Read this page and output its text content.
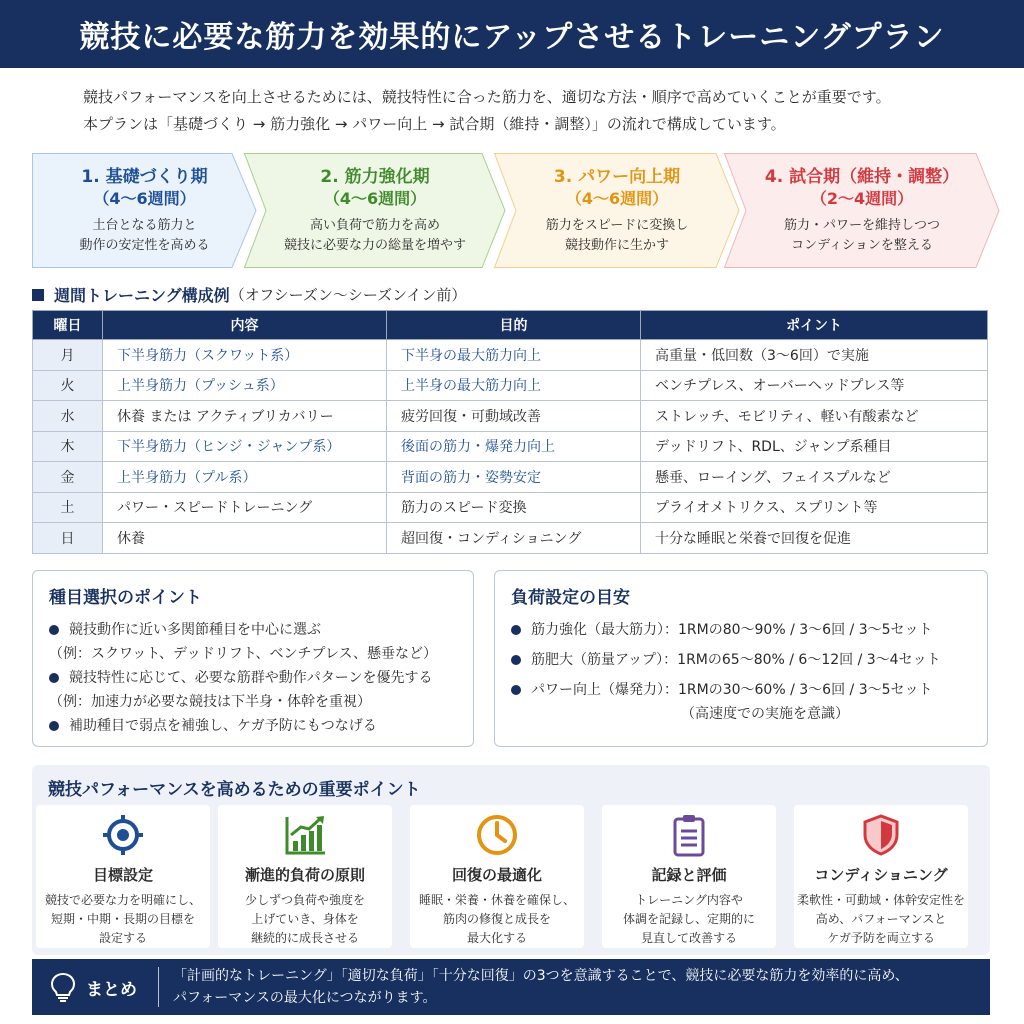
競技に必要な筋力を効果的にアップさせるトレーニングプラン
競技パフォーマンスを向上させるためには、競技特性に合った筋力を、適切な方法・順序で高めていくことが重要です。
本プランは「基礎づくり → 筋力強化 → パワー向上 → 試合期（維持・調整）」の流れで構成しています。
1. 基礎づくり期
（4〜6週間）
土台となる筋力と
動作の安定性を高める
2. 筋力強化期
（4〜6週間）
高い負荷で筋力を高め
競技に必要な力の総量を増やす
3. パワー向上期
（4〜6週間）
筋力をスピードに変換し
競技動作に生かす
4. 試合期（維持・調整）
（2〜4週間）
筋力・パワーを維持しつつ
コンディションを整える
週間トレーニング構成例 （オフシーズン〜シーズンイン前）
曜日	内容	目的	ポイント
月	下半身筋力（スクワット系）	下半身の最大筋力向上	高重量・低回数（3〜6回）で実施
火	上半身筋力（プッシュ系）	上半身の最大筋力向上	ベンチプレス、オーバーヘッドプレス等
水	休養 または アクティブリカバリー	疲労回復・可動域改善	ストレッチ、モビリティ、軽い有酸素など
木	下半身筋力（ヒンジ・ジャンプ系）	後面の筋力・爆発力向上	デッドリフト、RDL、ジャンプ系種目
金	上半身筋力（プル系）	背面の筋力・姿勢安定	懸垂、ローイング、フェイスプルなど
土	パワー・スピードトレーニング	筋力のスピード変換	プライオメトリクス、スプリント等
日	休養	超回復・コンディショニング	十分な睡眠と栄養で回復を促進
種目選択のポイント
競技動作に近い多関節種目を中心に選ぶ
（例：スクワット、デッドリフト、ベンチプレス、懸垂など）
競技特性に応じて、必要な筋群や動作パターンを優先する
（例：加速力が必要な競技は下半身・体幹を重視）
補助種目で弱点を補強し、ケガ予防にもつなげる
負荷設定の目安
筋力強化（最大筋力）：1RMの80〜90% / 3〜6回 / 3〜5セット
筋肥大（筋量アップ）：1RMの65〜80% / 6〜12回 / 3〜4セット
パワー向上（爆発力）：1RMの30〜60% / 3〜6回 / 3〜5セット
（高速度での実施を意識）
競技パフォーマンスを高めるための重要ポイント
目標設定
競技で必要な力を明確にし、
短期・中期・長期の目標を
設定する
漸進的負荷の原則
少しずつ負荷や強度を
上げていき、身体を
継続的に成長させる
回復の最適化
睡眠・栄養・休養を確保し、
筋肉の修復と成長を
最大化する
記録と評価
トレーニング内容や
体調を記録し、定期的に
見直して改善する
コンディショニング
柔軟性・可動域・体幹安定性を
高め、パフォーマンスと
ケガ予防を両立する
まとめ
「計画的なトレーニング」「適切な負荷」「十分な回復」の3つを意識することで、競技に必要な筋力を効率的に高め、
パフォーマンスの最大化につながります。
